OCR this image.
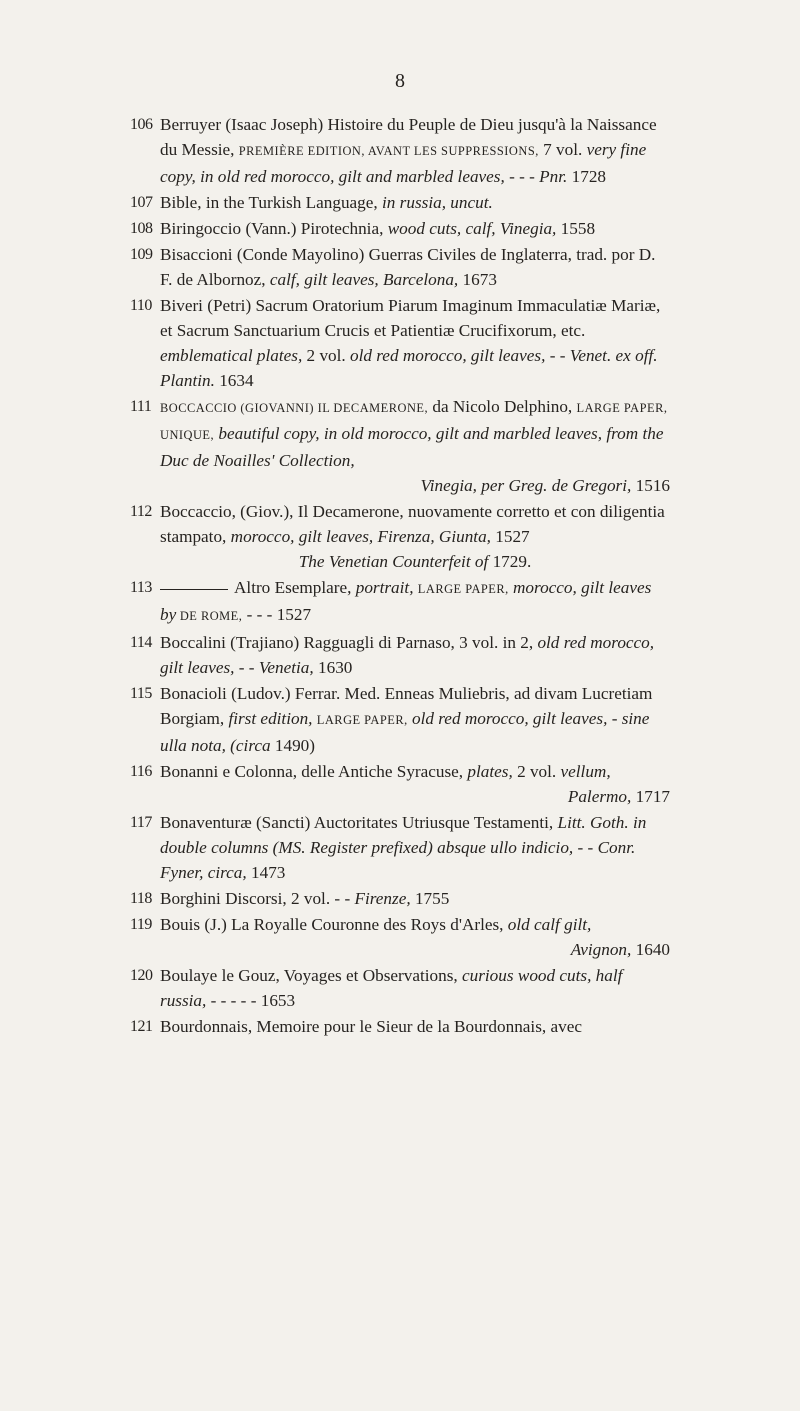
8
106 Berruyer (Isaac Joseph) Histoire du Peuple de Dieu jusqu'à la Naissance du Messie, PREMIÈRE EDITION, AVANT LES SUPPRESSIONS, 7 vol. very fine copy, in old red morocco, gilt and marbled leaves, - - - Pnr. 1728
107 Bible, in the Turkish Language, in russia, uncut.
108 Biringoccio (Vann.) Pirotechnia, wood cuts, calf, Vinegia, 1558
109 Bisaccioni (Conde Mayolino) Guerras Civiles de Inglaterra, trad. por D. F. de Albornoz, calf, gilt leaves, Barcelona, 1673
110 Biveri (Petri) Sacrum Oratorium Piarum Imaginum Immaculatiæ Mariæ, et Sacrum Sanctuarium Crucis et Patientiæ Crucifixorum, etc. emblematical plates, 2 vol. old red morocco, gilt leaves, - - Venet. ex off. Plantin. 1634
111 BOCCACCIO (GIOVANNI) IL DECAMERONE, da Nicolo Delphino, LARGE PAPER, UNIQUE, beautiful copy, in old morocco, gilt and marbled leaves, from the Duc de Noailles' Collection,
Vinegia, per Greg. de Gregori, 1516
112 Boccaccio, (Giov.), Il Decamerone, nuovamente corretto et con diligentia stampato, morocco, gilt leaves, Firenza, Giunta, 1527
The Venetian Counterfeit of 1729.
113	Altro Esemplare, portrait, LARGE PAPER, morocco, gilt leaves by DE ROME, - - - 1527
114 Boccalini (Trajiano) Ragguagli di Parnaso, 3 vol. in 2, old red morocco, gilt leaves, - - Venetia, 1630
115 Bonacioli (Ludov.) Ferrar. Med. Enneas Muliebris, ad divam Lucretiam Borgiam, first edition, LARGE PAPER, old red morocco, gilt leaves, - sine ulla nota, (circa 1490)
116 Bonanni e Colonna, delle Antiche Syracuse, plates, 2 vol. vellum,
Palermo, 1717
117 Bonaventuræ (Sancti) Auctoritates Utriusque Testamenti, Litt. Goth. in double columns (MS. Register prefixed) absque ullo indicio, - - Conr. Fyner, circa, 1473
118 Borghini Discorsi, 2 vol. - - Firenze, 1755
119 Bouis (J.) La Royalle Couronne des Roys d'Arles, old calf gilt,
Avignon, 1640
120 Boulaye le Gouz, Voyages et Observations, curious wood cuts, half russia, - - - - - 1653
121 Bourdonnais, Memoire pour le Sieur de la Bourdonnais, avec
